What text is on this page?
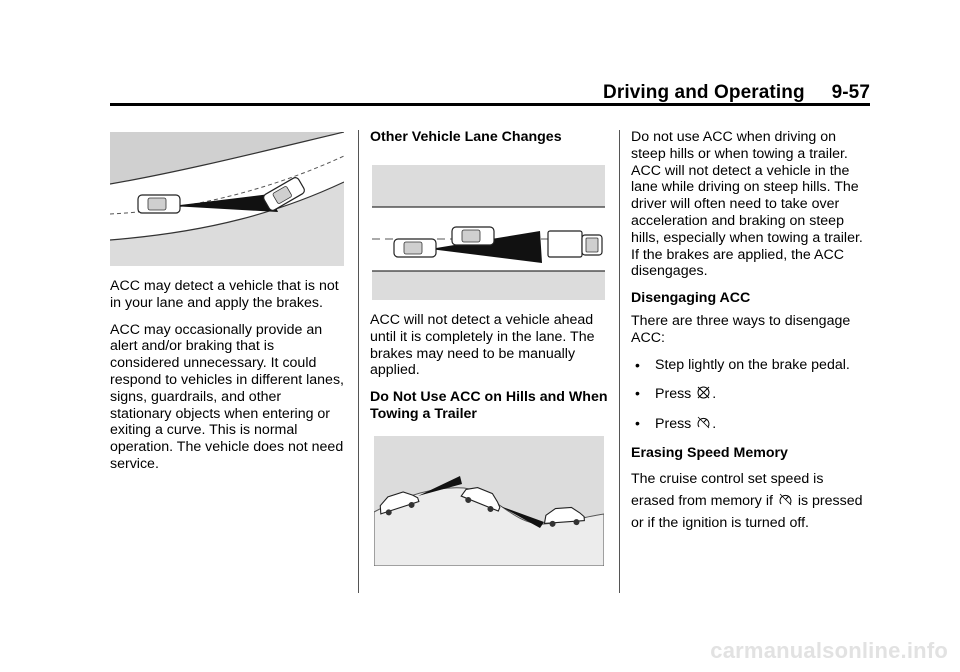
Driving and Operating 9-57

ACC may detect a vehicle that is not in your lane and apply the brakes.

ACC may occasionally provide an alert and/or braking that is considered unnecessary. It could respond to vehicles in different lanes, signs, guardrails, and other stationary objects when entering or exiting a curve. This is normal operation. The vehicle does not need service.

Other Vehicle Lane Changes

ACC will not detect a vehicle ahead until it is completely in the lane. The brakes may need to be manually applied.

Do Not Use ACC on Hills and When Towing a Trailer

Do not use ACC when driving on steep hills or when towing a trailer. ACC will not detect a vehicle in the lane while driving on steep hills. The driver will often need to take over acceleration and braking on steep hills, especially when towing a trailer. If the brakes are applied, the ACC disengages.

Disengaging ACC

There are three ways to disengage ACC:

• Step lightly on the brake pedal.
• Press .
• Press .
Erasing Speed Memory

The cruise control set speed is
erased from memory if is pressed
or if the ignition is turned off.

carmanualsonline.info
